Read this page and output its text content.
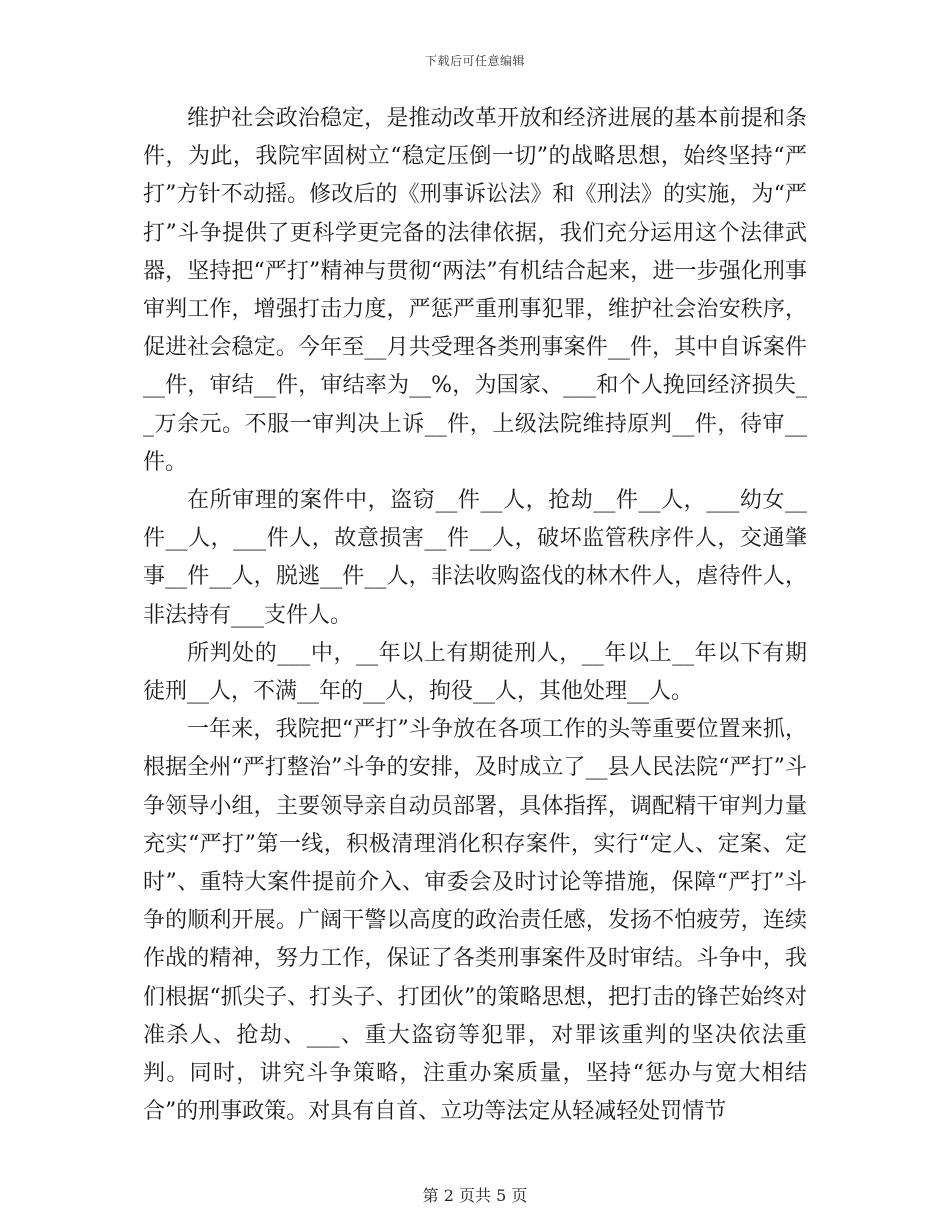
下载后可任意编辑

维护社会政治稳定，是推动改革开放和经济进展的基本前提和条件，为此，我院牢固树立“稳定压倒一切”的战略思想，始终坚持“严打”方针不动摇。修改后的《刑事诉讼法》和《刑法》的实施，为“严打”斗争提供了更科学更完备的法律依据，我们充分运用这个法律武器，坚持把“严打”精神与贯彻“两法”有机结合起来，进一步强化刑事审判工作，增强打击力度，严惩严重刑事犯罪，维护社会治安秩序，促进社会稳定。今年至__月共受理各类刑事案件__件，其中自诉案件__件，审结__件，审结率为__%，为国家、___和个人挽回经济损失__万余元。不服一审判决上诉__件，上级法院维持原判__件，待审__件。

在所审理的案件中，盗窃__件__人，抢劫__件__人，___幼女__件__人，___件人，故意损害__件__人，破坏监管秩序件人，交通肇事__件__人，脱逃__件__人，非法收购盗伐的林木件人，虐待件人，非法持有___支件人。

所判处的___中，__年以上有期徒刑人，__年以上__年以下有期徒刑__人，不满__年的__人，拘役__人，其他处理__人。

一年来，我院把“严打”斗争放在各项工作的头等重要位置来抓，根据全州“严打整治”斗争的安排，及时成立了__县人民法院“严打”斗争领导小组，主要领导亲自动员部署，具体指挥，调配精干审判力量充实“严打”第一线，积极清理消化积存案件，实行“定人、定案、定时”、重特大案件提前介入、审委会及时讨论等措施，保障“严打”斗争的顺利开展。广阔干警以高度的政治责任感，发扬不怕疲劳，连续作战的精神，努力工作，保证了各类刑事案件及时审结。斗争中，我们根据“抓尖子、打头子、打团伙”的策略思想，把打击的锋芒始终对准杀人、抢劫、___、重大盗窃等犯罪，对罪该重判的坚决依法重判。同时，讲究斗争策略，注重办案质量，坚持“惩办与宽大相结合”的刑事政策。对具有自首、立功等法定从轻减轻处罚情节

第 2 页共 5 页
